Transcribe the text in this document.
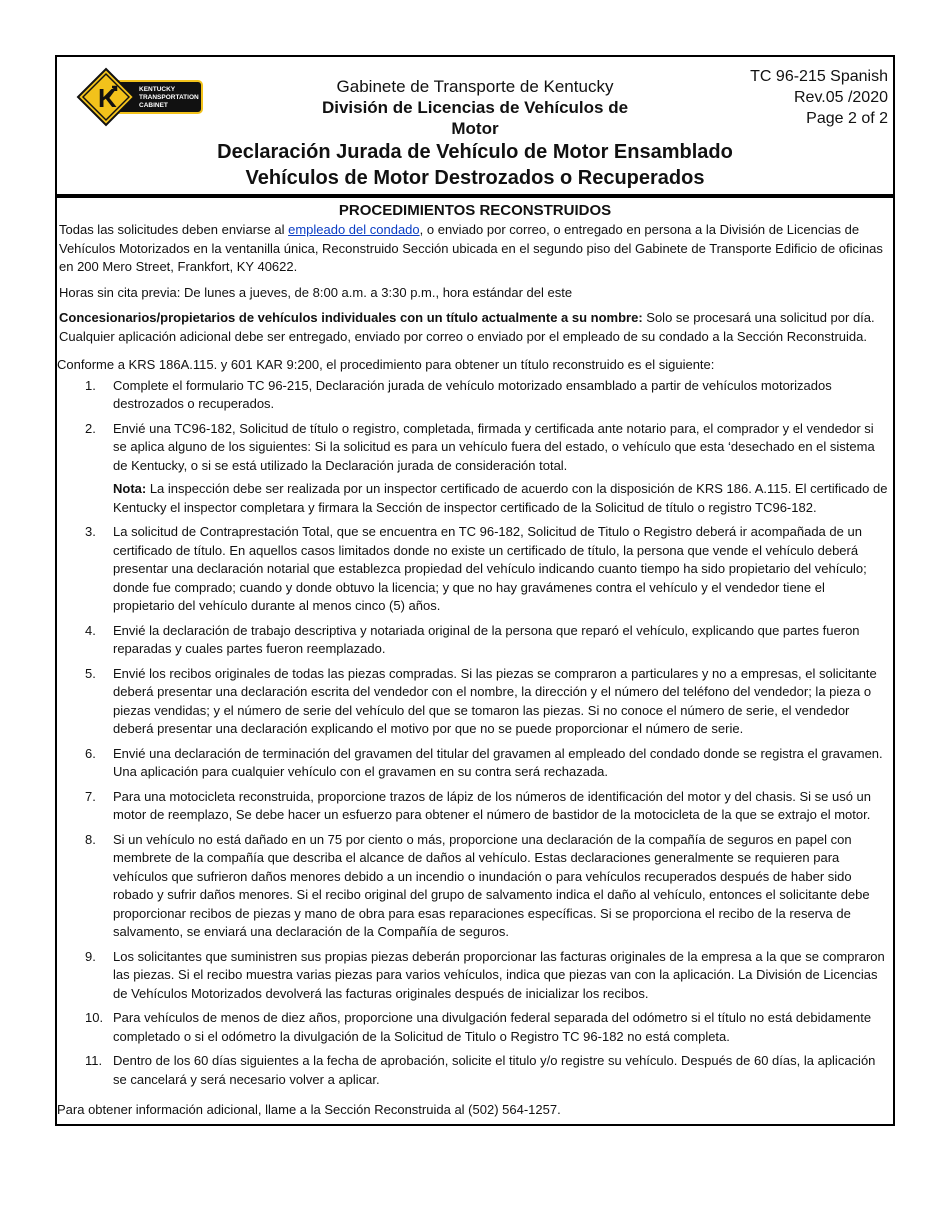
K	KENTUCKY
TRANSPORTATION
CABINET
Gabinete de Transporte de Kentucky
División de Licencias de Vehículos de Motor
TC 96-215 Spanish
Rev.05 /2020
Page 2 of 2
Declaración Jurada de Vehículo de Motor Ensamblado
Vehículos de Motor Destrozados o Recuperados
PROCEDIMIENTOS RECONSTRUIDOS

Todas las solicitudes deben enviarse al empleado del condado, o enviado por correo, o entregado en persona a la División de Licencias de Vehículos Motorizados en la ventanilla única, Reconstruido Sección ubicada en el segundo piso del Gabinete de Transporte Edificio de oficinas en 200 Mero Street, Frankfort, KY 40622.

Horas sin cita previa: De lunes a jueves, de 8:00 a.m. a 3:30 p.m., hora estándar del este

Concesionarios/propietarios de vehículos individuales con un título actualmente a su nombre: Solo se procesará una solicitud por día. Cualquier aplicación adicional debe ser entregado, enviado por correo o enviado por el empleado de su condado a la Sección Reconstruida.

Conforme a KRS 186A.115. y 601 KAR 9:200, el procedimiento para obtener un título reconstruido es el siguiente:

1. Complete el formulario TC 96-215, Declaración jurada de vehículo motorizado ensamblado a partir de vehículos motorizados destrozados o recuperados.
2. Envié una TC96-182, Solicitud de título o registro, completada, firmada y certificada ante notario para, el comprador y el vendedor si se aplica alguno de los siguientes: Si la solicitud es para un vehículo fuera del estado, o vehículo que esta ‘desechado en el sistema de Kentucky, o si se está utilizado la Declaración jurada de consideración total.
Nota: La inspección debe ser realizada por un inspector certificado de acuerdo con la disposición de KRS 186. A.115. El certificado de Kentucky el inspector completara y firmara la Sección de inspector certificado de la Solicitud de título o registro TC96-182.
3. La solicitud de Contraprestación Total, que se encuentra en TC 96-182, Solicitud de Titulo o Registro deberá ir acompañada de un certificado de título. En aquellos casos limitados donde no existe un certificado de título, la persona que vende el vehículo deberá presentar una declaración notarial que establezca propiedad del vehículo indicando cuanto tiempo ha sido propietario del vehículo; donde fue comprado; cuando y donde obtuvo la licencia; y que no hay gravámenes contra el vehículo y el vendedor tiene el propietario del vehículo durante al menos cinco (5) años.
4. Envié la declaración de trabajo descriptiva y notariada original de la persona que reparó el vehículo, explicando que partes fueron reparadas y cuales partes fueron reemplazado.
5. Envié los recibos originales de todas las piezas compradas. Si las piezas se compraron a particulares y no a empresas, el solicitante deberá presentar una declaración escrita del vendedor con el nombre, la dirección y el número del teléfono del vendedor; la pieza o piezas vendidas; y el número de serie del vehículo del que se tomaron las piezas. Si no conoce el número de serie, el vendedor deberá presentar una declaración explicando el motivo por que no se puede proporcionar el número de serie.
6. Envié una declaración de terminación del gravamen del titular del gravamen al empleado del condado donde se registra el gravamen. Una aplicación para cualquier vehículo con el gravamen en su contra será rechazada.
7. Para una motocicleta reconstruida, proporcione trazos de lápiz de los números de identificación del motor y del chasis. Si se usó un motor de reemplazo, Se debe hacer un esfuerzo para obtener el número de bastidor de la motocicleta de la que se extrajo el motor.
8. Si un vehículo no está dañado en un 75 por ciento o más, proporcione una declaración de la compañía de seguros en papel con membrete de la compañía que describa el alcance de daños al vehículo. Estas declaraciones generalmente se requieren para vehículos que sufrieron daños menores debido a un incendio o inundación o para vehículos recuperados después de haber sido robado y sufrir daños menores. Si el recibo original del grupo de salvamento indica el daño al vehículo, entonces el solicitante debe proporcionar recibos de piezas y mano de obra para esas reparaciones específicas. Si se proporciona el recibo de la reserva de salvamento, se enviará una declaración de la Compañía de seguros.
9. Los solicitantes que suministren sus propias piezas deberán proporcionar las facturas originales de la empresa a la que se compraron las piezas. Si el recibo muestra varias piezas para varios vehículos, indica que piezas van con la aplicación. La División de Licencias de Vehículos Motorizados devolverá las facturas originales después de inicializar los recibos.
10. Para vehículos de menos de diez años, proporcione una divulgación federal separada del odómetro si el título no está debidamente completado o si el odómetro la divulgación de la Solicitud de Titulo o Registro TC 96-182 no está completa.
11. Dentro de los 60 días siguientes a la fecha de aprobación, solicite el titulo y/o registre su vehículo. Después de 60 días, la aplicación se cancelará y será necesario volver a aplicar.
Para obtener información adicional, llame a la Sección Reconstruida al (502) 564-1257.
